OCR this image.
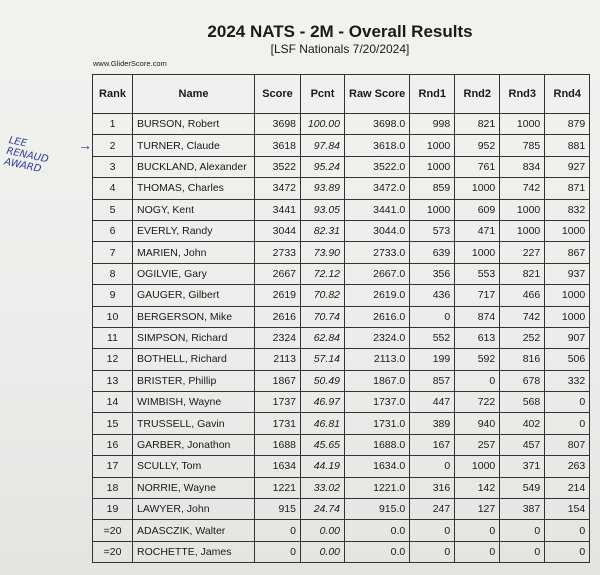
2024 NATS - 2M - Overall Results
[LSF Nationals 7/20/2024]
www.GliderScore.com
LEE
RENAUD
AWARD
→
Rank	Name	Score	Pcnt	Raw Score	Rnd1	Rnd2	Rnd3	Rnd4
1	BURSON, Robert	3698	100.00	3698.0	998	821	1000	879
2	TURNER, Claude	3618	97.84	3618.0	1000	952	785	881
3	BUCKLAND, Alexander	3522	95.24	3522.0	1000	761	834	927
4	THOMAS, Charles	3472	93.89	3472.0	859	1000	742	871
5	NOGY, Kent	3441	93.05	3441.0	1000	609	1000	832
6	EVERLY, Randy	3044	82.31	3044.0	573	471	1000	1000
7	MARIEN, John	2733	73.90	2733.0	639	1000	227	867
8	OGILVIE, Gary	2667	72.12	2667.0	356	553	821	937
9	GAUGER, Gilbert	2619	70.82	2619.0	436	717	466	1000
10	BERGERSON, Mike	2616	70.74	2616.0	0	874	742	1000
11	SIMPSON, Richard	2324	62.84	2324.0	552	613	252	907
12	BOTHELL, Richard	2113	57.14	2113.0	199	592	816	506
13	BRISTER, Phillip	1867	50.49	1867.0	857	0	678	332
14	WIMBISH, Wayne	1737	46.97	1737.0	447	722	568	0
15	TRUSSELL, Gavin	1731	46.81	1731.0	389	940	402	0
16	GARBER, Jonathon	1688	45.65	1688.0	167	257	457	807
17	SCULLY, Tom	1634	44.19	1634.0	0	1000	371	263
18	NORRIE, Wayne	1221	33.02	1221.0	316	142	549	214
19	LAWYER, John	915	24.74	915.0	247	127	387	154
=20	ADASCZIK, Walter	0	0.00	0.0	0	0	0	0
=20	ROCHETTE, James	0	0.00	0.0	0	0	0	0
